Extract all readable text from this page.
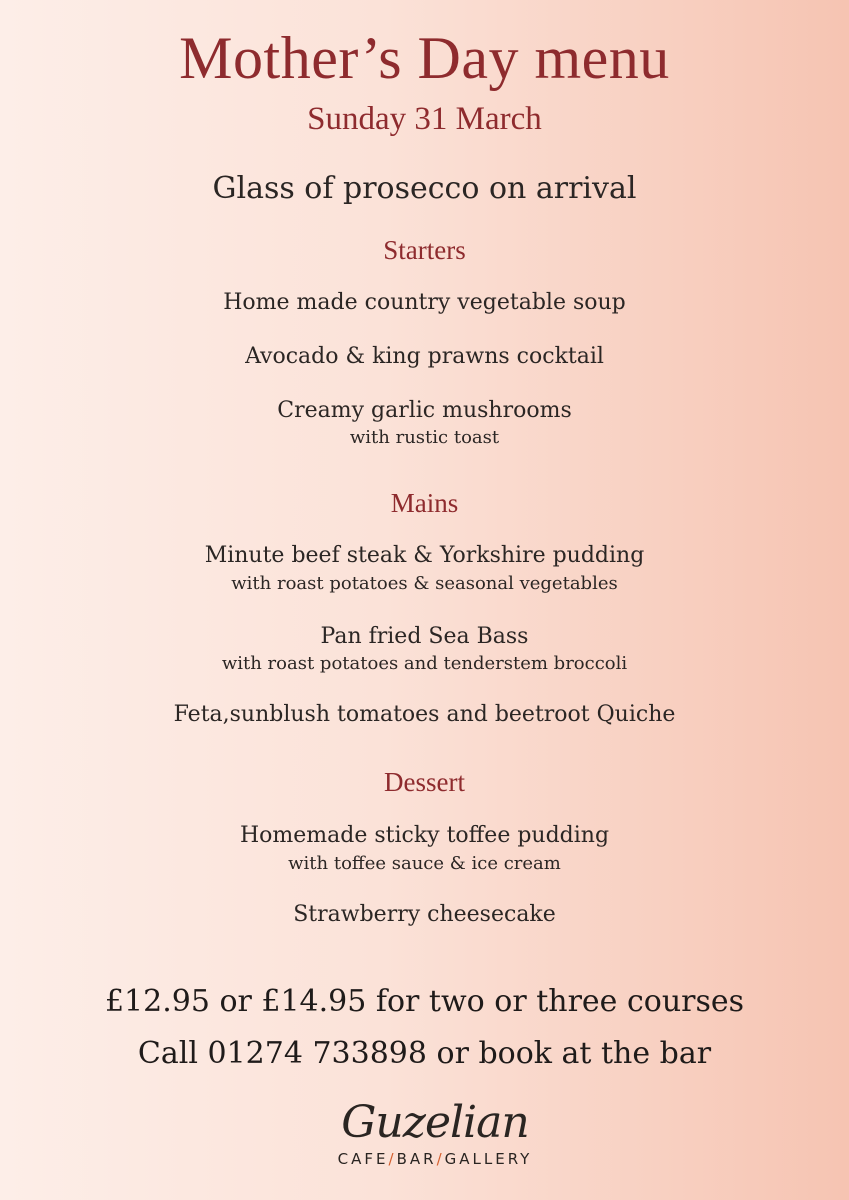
Mother’s Day menu
Sunday 31 March
Glass of prosecco on arrival
Starters
Home made country vegetable soup
Avocado & king prawns cocktail
Creamy garlic mushrooms
with rustic toast
Mains
Minute beef steak & Yorkshire pudding
with roast potatoes & seasonal vegetables
Pan fried Sea Bass
with roast potatoes and tenderstem broccoli
Feta,sunblush tomatoes and beetroot Quiche
Dessert
Homemade sticky toffee pudding
with toffee sauce & ice cream
Strawberry cheesecake
£12.95 or £14.95 for two or three courses
Call 01274 733898 or book at the bar
Guzelian
CAFE/BAR/GALLERY
